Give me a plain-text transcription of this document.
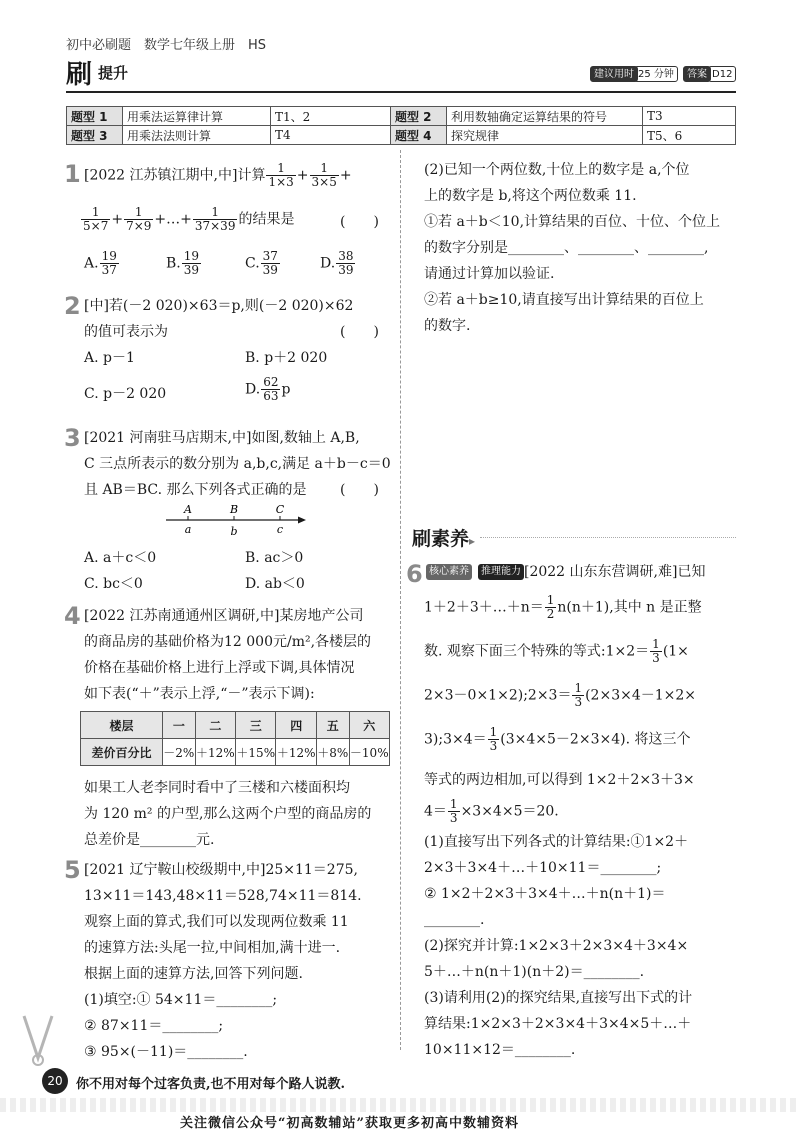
初中必刷题　数学七年级上册　HS
刷 提升	建议用时 25 分钟	答案 D12
题型 1	用乘法运算律计算	T1、2	题型 2	利用数轴确定运算结果的符号	T3
题型 3	用乘法法则计算	T4	题型 4	探究规律	T5、6
1 [2022 江苏镇江期中,中]计算 $\frac{1}{1\times 3} + \frac{1}{3\times 5}$ +
$\frac{1}{5\times 7} + \frac{1}{7\times 9}$ +…+ $\frac{1}{37\times 39}$ 的结果是	(　　)
A. $\frac{19}{37}$	B. $\frac{19}{39}$	C. $\frac{37}{39}$	D. $\frac{38}{39}$
2 [中]若(－2 020)×63＝p,则(－2 020)×62
的值可表示为	(　　)
A. p－1	B. p＋2 020
C. p－2 020	D. $\frac{62}{63}$ p
3 [2021 河南驻马店期末,中]如图,数轴上 A,B,
C 三点所表示的数分别为 a,b,c,满足 a＋b－c＝0
且 AB＝BC. 那么下列各式正确的是 (　　)
A	B	C
a	b	c
A. a＋c＜0	B. ac＞0
C. bc＜0	D. ab＜0
4 [2022 江苏南通通州区调研,中]某房地产公司
的商品房的基础价格为12 000元/m²,各楼层的
价格在基础价格上进行上浮或下调,具体情况
如下表(“＋”表示上浮,“－”表示下调):
楼层	一	二	三	四	五	六
差价百分比	－2%	＋12%	＋15%	＋12%	＋8%	－10%
如果工人老李同时看中了三楼和六楼面积均
为 120 m² 的户型,那么这两个户型的商品房的
总差价是________元.
5 [2021 辽宁鞍山校级期中,中]25×11＝275,
13×11＝143,48×11＝528,74×11＝814.
观察上面的算式,我们可以发现两位数乘 11
的速算方法:头尾一拉,中间相加,满十进一.
根据上面的速算方法,回答下列问题.
(1)填空:① 54×11＝________;
② 87×11＝________;
③ 95×(－11)＝________.
(2)已知一个两位数,十位上的数字是 a,个位
上的数字是 b,将这个两位数乘 11.
①若 a＋b＜10,计算结果的百位、十位、个位上
的数字分别是________、________、________,
请通过计算加以验证.
②若 a＋b≥10,请直接写出计算结果的百位上
的数字.
刷素养▸
6 核心素养	推理能力 [2022 山东东营调研,难]已知
1＋2＋3＋…＋n＝ $\frac{1}{2} n(n+1)$,其中 n 是正整
数. 观察下面三个特殊的等式:1×2＝ $\frac{1}{3} (1\times$
2×3－0×1×2);2×3＝ $\frac{1}{3} (2\times 3\times 4-1\times 2\times$
3);3×4＝ $\frac{1}{3} (3\times 4\times 5-2\times 3\times 4)$. 将这三个
等式的两边相加,可以得到 1×2＋2×3＋3×
$4= \frac{1}{3} \times 3\times 4\times 5=20$.
(1)直接写出下列各式的计算结果:①1×2＋
2×3＋3×4＋…＋10×11＝________;
② 1×2＋2×3＋3×4＋…＋n(n＋1)＝
________.
(2)探究并计算:1×2×3＋2×3×4＋3×4×
5＋…＋n(n＋1)(n＋2)＝________.
(3)请利用(2)的探究结果,直接写出下式的计
算结果:1×2×3＋2×3×4＋3×4×5＋…＋
10×11×12＝________.
20	你不用对每个过客负责,也不用对每个路人说教.
关注微信公众号“初高数辅站”获取更多初高中数辅资料
